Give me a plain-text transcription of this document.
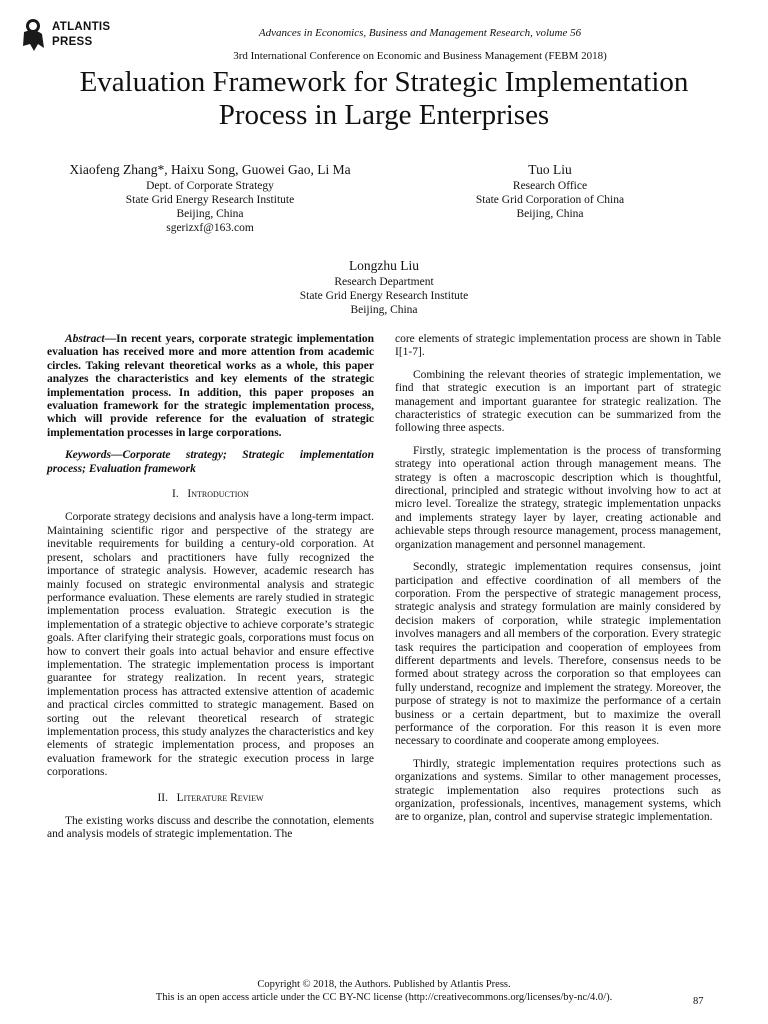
ATLANTIS
PRESS
Advances in Economics, Business and Management Research, volume 56
3rd International Conference on Economic and Business Management (FEBM 2018)
Evaluation Framework for Strategic Implementation
Process in Large Enterprises
Xiaofeng Zhang*, Haixu Song, Guowei Gao, Li Ma
Dept. of Corporate Strategy
State Grid Energy Research Institute
Beijing, China
sgerizxf@163.com
Tuo Liu
Research Office
State Grid Corporation of China
Beijing, China
Longzhu Liu
Research Department
State Grid Energy Research Institute
Beijing, China

Abstract—In recent years, corporate strategic implementation evaluation has received more and more attention from academic circles. Taking relevant theoretical works as a whole, this paper analyzes the characteristics and key elements of the strategic implementation process. In addition, this paper proposes an evaluation framework for the strategic implementation process, which will provide reference for the evaluation of strategic implementation processes in large corporations.

Keywords—Corporate strategy; Strategic implementation process; Evaluation framework

I. Introduction

Corporate strategy decisions and analysis have a long-term impact. Maintaining scientific rigor and perspective of the strategy are inevitable requirements for building a century-old corporation. At present, scholars and practitioners have fully recognized the importance of strategic analysis. However, academic research has mainly focused on strategic environmental analysis and strategic performance evaluation. These elements are rarely studied in strategic implementation process evaluation. Strategic execution is the implementation of a strategic objective to achieve corporate’s strategic goals. After clarifying their strategic goals, corporations must focus on how to convert their goals into actual behavior and ensure effective implementation. The strategic implementation process is important guarantee for strategy realization. In recent years, strategic implementation process has attracted extensive attention of academic and practical circles committed to strategic management. Based on sorting out the relevant theoretical research of strategic implementation process, this study analyzes the characteristics and key elements of strategic implementation process, and proposes an evaluation framework for the strategic execution process in large corporations.

II. Literature Review

The existing works discuss and describe the connotation, elements and analysis models of strategic implementation. The

core elements of strategic implementation process are shown in Table I[1-7].

Combining the relevant theories of strategic implementation, we find that strategic execution is an important part of strategic management and important guarantee for strategic realization. The characteristics of strategic execution can be summarized from the following three aspects.

Firstly, strategic implementation is the process of transforming strategy into operational action through management means. The strategy is often a macroscopic description which is thoughtful, directional, principled and strategic without involving how to act at micro level. Torealize the strategy, strategic implementation unpacks and implements strategy layer by layer, creating actionable and achievable steps through resource management, process management, organization management and personnel management.

Secondly, strategic implementation requires consensus, joint participation and effective coordination of all members of the corporation. From the perspective of strategic management process, strategic analysis and strategy formulation are mainly considered by decision makers of corporation, while strategic implementation involves managers and all members of the corporation. Every strategic task requires the participation and cooperation of employees from different departments and levels. Therefore, consensus needs to be formed about strategy across the corporation so that employees can fully understand, recognize and implement the strategy. Moreover, the purpose of strategy is not to maximize the performance of a certain business or a certain department, but to maximize the overall performance of the corporation. For this reason it is even more necessary to coordinate and cooperate among employees.

Thirdly, strategic implementation requires protections such as organizations and systems. Similar to other management processes, strategic implementation also requires protections such as organization, professionals, incentives, management systems, which are to organize, plan, control and supervise strategic implementation.

Copyright © 2018, the Authors. Published by Atlantis Press.
This is an open access article under the CC BY-NC license (http://creativecommons.org/licenses/by-nc/4.0/).	87
